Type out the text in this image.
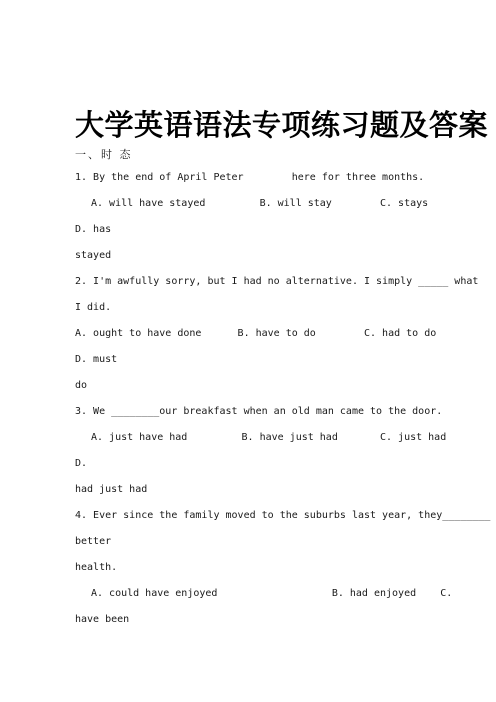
大学英语语法专项练习题及答案
一、时 态
1. By the end of April Peter        here for three months.
A. will have stayed         B. will stay        C. stays
D. has
stayed
2. I'm awfully sorry, but I had no alternative. I simply _____ what
I did.
A. ought to have done      B. have to do        C. had to do
D. must
do
3. We ________our breakfast when an old man came to the door.
A. just have had         B. have just had       C. just had
D.
had just had
4. Ever since the family moved to the suburbs last year, they________
better
health.
A. could have enjoyed                   B. had enjoyed    C.
have been
